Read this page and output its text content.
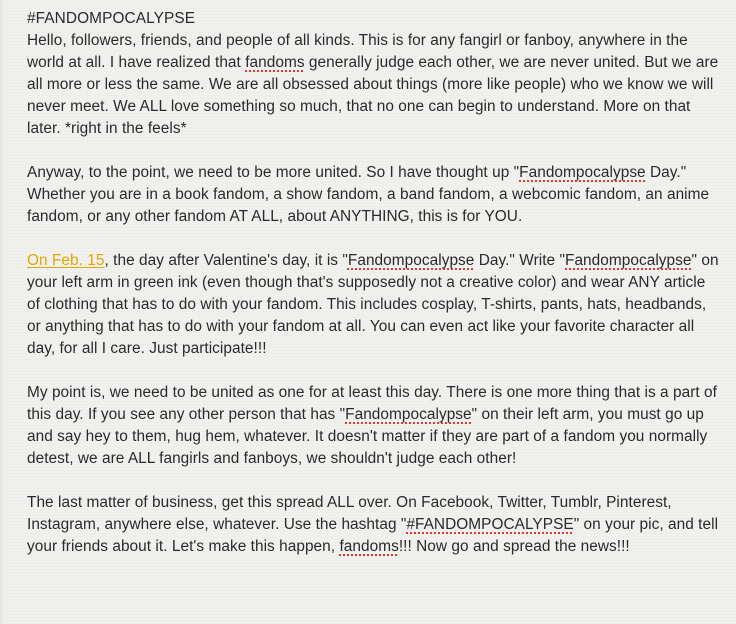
#FANDOMPOCALYPSE

Hello, followers, friends, and people of all kinds. This is for any fangirl or fanboy, anywhere in the world at all. I have realized that fandoms generally judge each other, we are never united. But we are all more or less the same. We are all obsessed about things (more like people) who we know we will never meet. We ALL love something so much, that no one can begin to understand. More on that later. *right in the feels*

Anyway, to the point, we need to be more united. So I have thought up "Fandompocalypse Day." Whether you are in a book fandom, a show fandom, a band fandom, a webcomic fandom, an anime fandom, or any other fandom AT ALL, about ANYTHING, this is for YOU.

On Feb. 15, the day after Valentine's day, it is "Fandompocalypse Day." Write "Fandompocalypse" on your left arm in green ink (even though that's supposedly not a creative color) and wear ANY article of clothing that has to do with your fandom. This includes cosplay, T-shirts, pants, hats, headbands, or anything that has to do with your fandom at all. You can even act like your favorite character all day, for all I care. Just participate!!!

My point is, we need to be united as one for at least this day. There is one more thing that is a part of this day. If you see any other person that has "Fandompocalypse" on their left arm, you must go up and say hey to them, hug hem, whatever. It doesn't matter if they are part of a fandom you normally detest, we are ALL fangirls and fanboys, we shouldn't judge each other!

The last matter of business, get this spread ALL over. On Facebook, Twitter, Tumblr, Pinterest, Instagram, anywhere else, whatever. Use the hashtag "#FANDOMPOCALYPSE" on your pic, and tell your friends about it. Let's make this happen, fandoms!!! Now go and spread the news!!!
